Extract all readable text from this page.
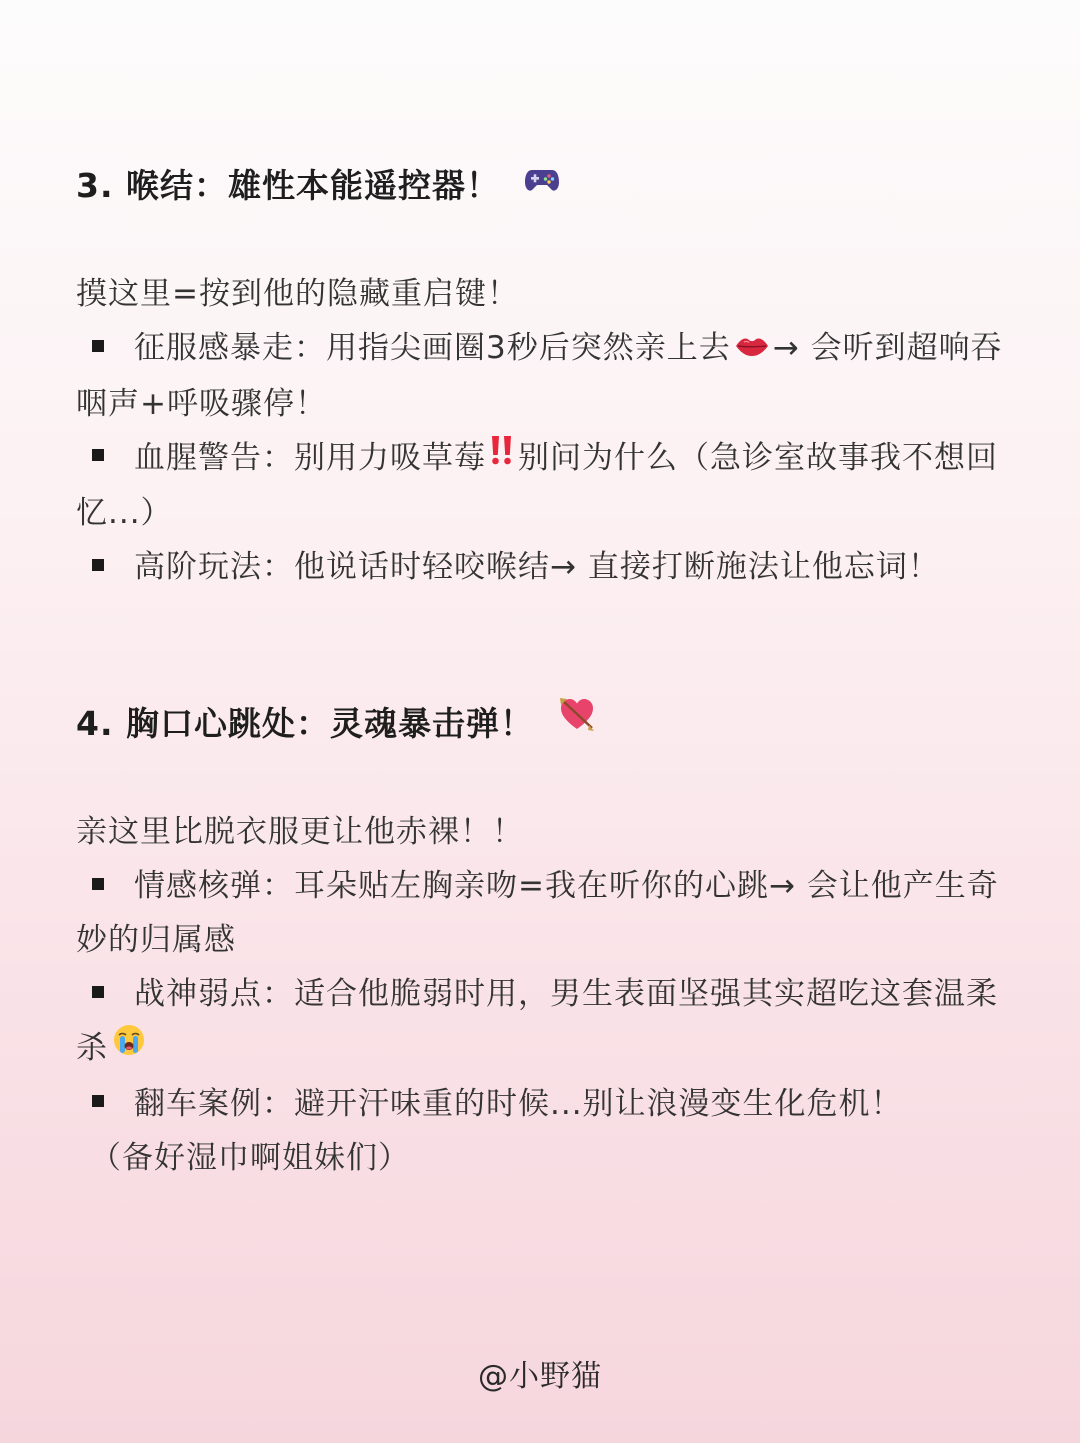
3. 喉结：雄性本能遥控器！
摸这里=按到他的隐藏重启键！
征服感暴走：用指尖画圈3秒后突然亲上去 → 会听到超响吞咽声+呼吸骤停！
血腥警告：别用力吸草莓 别问为什么（急诊室故事我不想回忆...）
高阶玩法：他说话时轻咬喉结→ 直接打断施法让他忘词！
4. 胸口心跳处：灵魂暴击弹！
亲这里比脱衣服更让他赤裸！！
情感核弹：耳朵贴左胸亲吻=我在听你的心跳→ 会让他产生奇妙的归属感
战神弱点：适合他脆弱时用，男生表面坚强其实超吃这套温柔杀
翻车案例：避开汗味重的时候...别让浪漫变生化危机！
（备好湿巾啊姐妹们）
@小野猫
